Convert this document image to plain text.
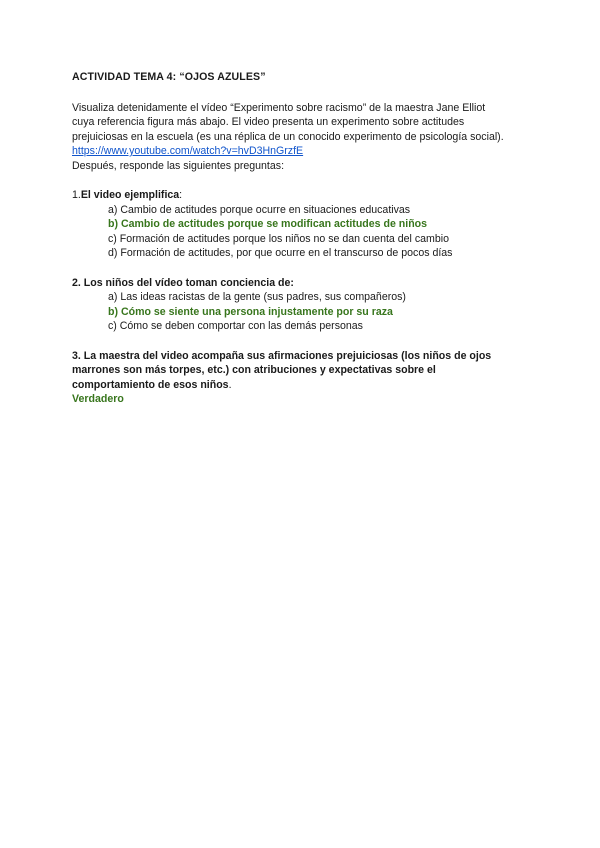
ACTIVIDAD TEMA 4: “OJOS AZULES”

Visualiza detenidamente el vídeo “Experimento sobre racismo” de la maestra Jane Elliot

cuya referencia figura más abajo. El video presenta un experimento sobre actitudes

prejuiciosas en la escuela (es una réplica de un conocido experimento de psicología social).

https://www.youtube.com/watch?v=hvD3HnGrzfE

Después, responde las siguientes preguntas:

1.El video ejemplifica:

a) Cambio de actitudes porque ocurre en situaciones educativas
b) Cambio de actitudes porque se modifican actitudes de niños
c) Formación de actitudes porque los niños no se dan cuenta del cambio
d) Formación de actitudes, por que ocurre en el transcurso de pocos días

2. Los niños del vídeo toman conciencia de:

a) Las ideas racistas de la gente (sus padres, sus compañeros)
b) Cómo se siente una persona injustamente por su raza
c) Cómo se deben comportar con las demás personas

3. La maestra del video acompaña sus afirmaciones prejuiciosas (los niños de ojos

marrones son más torpes, etc.) con atribuciones y expectativas sobre el

comportamiento de esos niños.

Verdadero
